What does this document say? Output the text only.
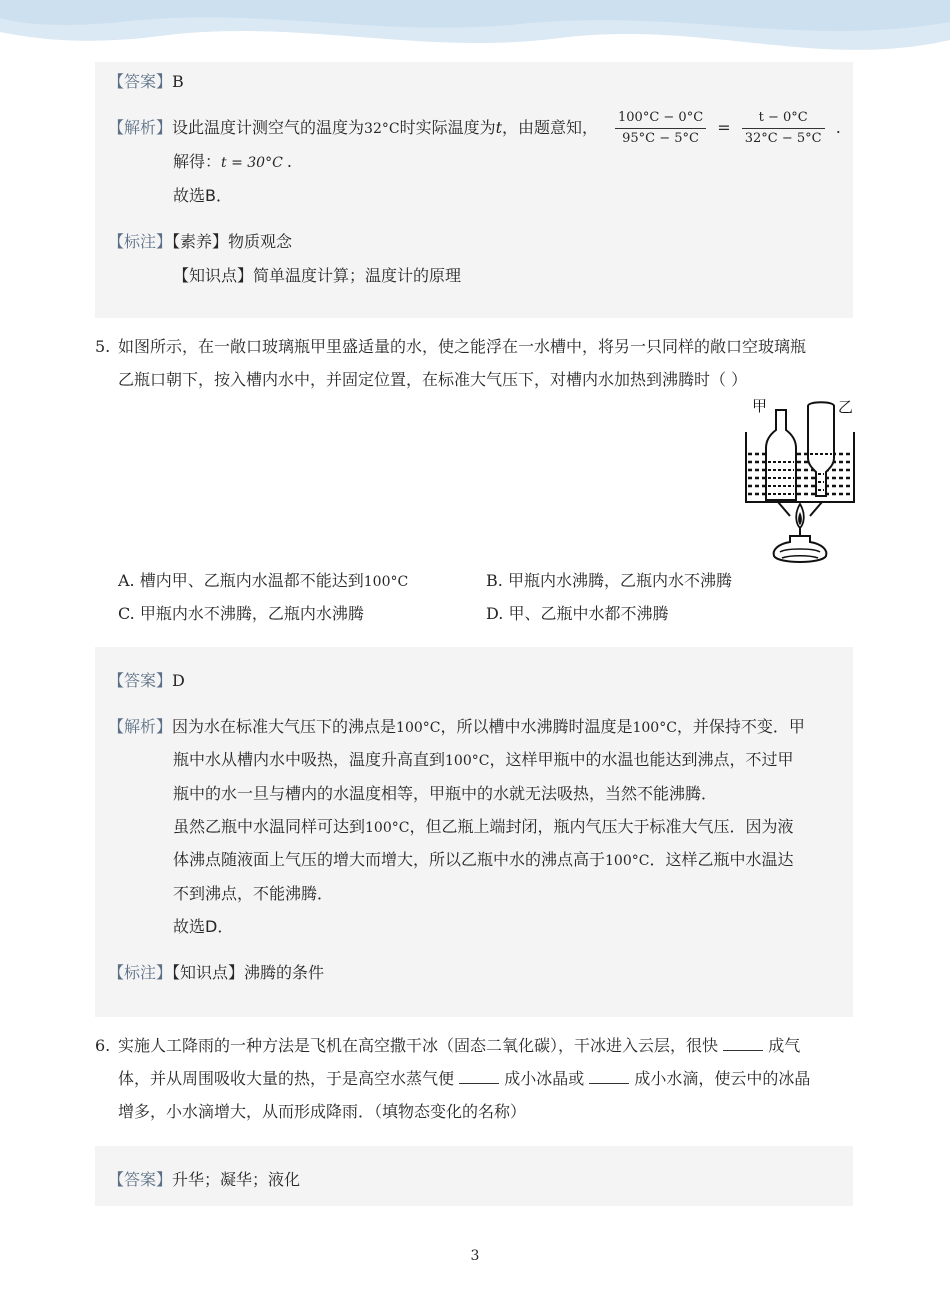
【答案】B
【解析】设此温度计测空气的温度为32°C时实际温度为t，由题意知， $\frac{100^\circ C - 0^\circ C}{95^\circ C - 5^\circ C} = \frac{t - 0^\circ C}{32^\circ C - 5^\circ C}$ .
解得：t = 30°C .
故选B．
【标注】【素养】物质观念
【知识点】简单温度计算；温度计的原理
5. 如图所示，在一敞口玻璃瓶甲里盛适量的水，使之能浮在一水槽中，将另一只同样的敞口空玻璃瓶
乙瓶口朝下，按入槽内水中，并固定位置，在标准大气压下，对槽内水加热到沸腾时（ ）
甲	乙
A. 槽内甲、乙瓶内水温都不能达到100°C	B. 甲瓶内水沸腾，乙瓶内水不沸腾
C. 甲瓶内水不沸腾，乙瓶内水沸腾	D. 甲、乙瓶中水都不沸腾
【答案】D
【解析】因为水在标准大气压下的沸点是100°C，所以槽中水沸腾时温度是100°C，并保持不变．甲
瓶中水从槽内水中吸热，温度升高直到100°C，这样甲瓶中的水温也能达到沸点，不过甲
瓶中的水一旦与槽内的水温度相等，甲瓶中的水就无法吸热，当然不能沸腾．
虽然乙瓶中水温同样可达到100°C，但乙瓶上端封闭，瓶内气压大于标准大气压．因为液
体沸点随液面上气压的增大而增大，所以乙瓶中水的沸点高于100°C．这样乙瓶中水温达
不到沸点，不能沸腾．
故选D．
【标注】【知识点】沸腾的条件
6. 实施人工降雨的一种方法是飞机在高空撒干冰（固态二氧化碳），干冰进入云层，很快	成气
体，并从周围吸收大量的热，于是高空水蒸气便	成小冰晶或	成小水滴，使云中的冰晶
增多，小水滴增大，从而形成降雨．（填物态变化的名称）
【答案】升华；凝华；液化
3
